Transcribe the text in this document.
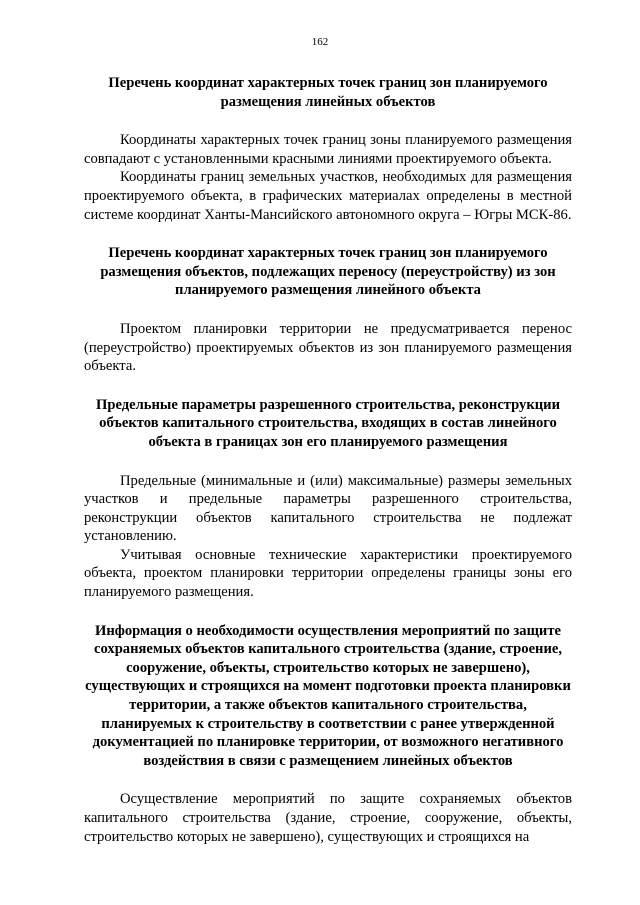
162

Перечень координат характерных точек границ зон планируемого размещения линейных объектов

Координаты характерных точек границ зоны планируемого размещения совпадают с установленными красными линиями проектируемого объекта.

Координаты границ земельных участков, необходимых для размещения проектируемого объекта, в графических материалах определены в местной системе координат Ханты-Мансийского автономного округа – Югры МСК-86.

Перечень координат характерных точек границ зон планируемого размещения объектов, подлежащих переносу (переустройству) из зон планируемого размещения линейного объекта

Проектом планировки территории не предусматривается перенос (переустройство) проектируемых объектов из зон планируемого размещения объекта.

Предельные параметры разрешенного строительства, реконструкции объектов капитального строительства, входящих в состав линейного объекта в границах зон его планируемого размещения

Предельные (минимальные и (или) максимальные) размеры земельных участков и предельные параметры разрешенного строительства, реконструкции объектов капитального строительства не подлежат установлению.

Учитывая основные технические характеристики проектируемого объекта, проектом планировки территории определены границы зоны его планируемого размещения.

Информация о необходимости осуществления мероприятий по защите сохраняемых объектов капитального строительства (здание, строение, сооружение, объекты, строительство которых не завершено), существующих и строящихся на момент подготовки проекта планировки территории, а также объектов капитального строительства, планируемых к строительству в соответствии с ранее утвержденной документацией по планировке территории, от возможного негативного воздействия в связи с размещением линейных объектов

Осуществление мероприятий по защите сохраняемых объектов капитального строительства (здание, строение, сооружение, объекты, строительство которых не завершено), существующих и строящихся на
